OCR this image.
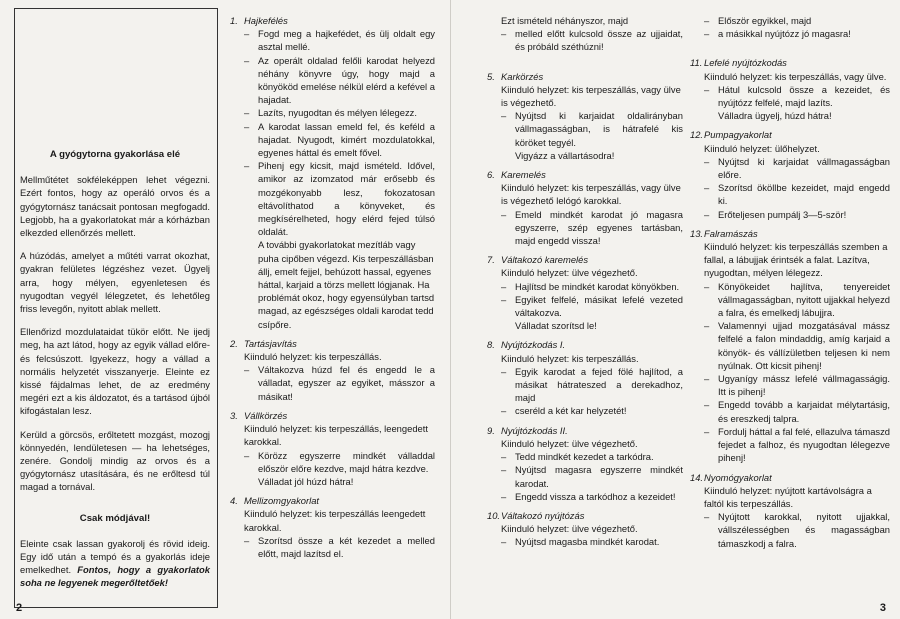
A gyógytorna gyakorlása elé

Mellműtétet sokféleképpen lehet végezni. Ezért fontos, hogy az operáló orvos és a gyógytornász tanácsait pontosan megfogadd. Legjobb, ha a gyakorlatokat már a kórházban elkezded ellenőrzés mellett.

A húzódás, amelyet a műtéti varrat okozhat, gyakran felületes légzéshez vezet. Ügyelj arra, hogy mélyen, egyenletesen és nyugodtan vegyél lélegzetet, és lehetőleg friss levegőn, nyitott ablak mellett.

Ellenőrizd mozdulataidat tükör előtt. Ne ijedj meg, ha azt látod, hogy az egyik vállad előre- és felcsúszott. Igyekezz, hogy a vállad a normális helyzetét visszanyerje. Eleinte ez kissé fájdalmas lehet, de az eredmény megéri ezt a kis áldozatot, és a tartásod újból kifogástalan lesz.

Kerüld a görcsös, erőltetett mozgást, mozogj könnyedén, lendületesen — ha lehetséges, zenére. Gondolj mindig az orvos és a gyógytornász utasítására, és ne erőltesd túl magad a tornával.

Csak módjával!

Eleinte csak lassan gyakorolj és rövid ideig. Egy idő után a tempó és a gyakorlás ideje emelkedhet. Fontos, hogy a gyakorlatok soha ne legyenek megerőltetőek!

1. Hajkefélés
– Fogd meg a hajkefédet, és ülj oldalt egy asztal mellé.
– Az operált oldalad felőli karodat helyezd néhány könyvre úgy, hogy majd a könyököd emelése nélkül elérd a kefével a hajadat.
– Lazíts, nyugodtan és mélyen lélegezz.
– A karodat lassan emeld fel, és keféld a hajadat. Nyugodt, kimért mozdulatokkal, egyenes háttal és emelt fővel.
– Pihenj egy kicsit, majd ismételd. Idővel, amikor az izomzatod már erősebb és mozgékonyabb lesz, fokozatosan eltávolíthatod a könyveket, és megkísérelheted, hogy elérd fejed túlsó oldalát.
A további gyakorlatokat mezítláb vagy puha cipőben végezd. Kis terpeszállásban állj, emelt fejjel, behúzott hassal, egyenes háttal, karjaid a törzs mellett lógjanak. Ha problémát okoz, hogy egyensúlyban tartsd magad, az egészséges oldali karodat tedd csípőre.
2. Tartásjavítás
Kiinduló helyzet: kis terpeszállás.
– Váltakozva húzd fel és engedd le a válladat, egyszer az egyiket, másszor a másikat!
3. Vállkörzés
Kiinduló helyzet: kis terpeszállás, leengedett karokkal.
– Körözz egyszerre mindkét válladdal először előre kezdve, majd hátra kezdve.
Válladat jól húzd hátra!
4. Mellizomgyakorlat
Kiinduló helyzet: kis terpeszállás leengedett karokkal.
– Szorítsd össze a két kezedet a melled előtt, majd lazítsd el.
2
Ezt ismételd néhányszor, majd
– melled előtt kulcsold össze az ujjaidat, és próbáld széthúzni!
5. Karkörzés
Kiinduló helyzet: kis terpeszállás, vagy ülve is végezhető.
– Nyújtsd ki karjaidat oldalirányban vállmagasságban, is hátrafelé kis köröket tegyél.
Vigyázz a vállartásodra!
6. Karemelés
Kiinduló helyzet: kis terpeszállás, vagy ülve is végezhető lelógó karokkal.
– Emeld mindkét karodat jó magasra egyszerre, szép egyenes tartásban, majd engedd vissza!
7. Váltakozó karemelés
Kiinduló helyzet: ülve végezhető.
– Hajlítsd be mindkét karodat könyökben.
– Egyiket felfelé, másikat lefelé vezeted váltakozva.
Válladat szorítsd le!
8. Nyújtózkodás I.
Kiinduló helyzet: kis terpeszállás.
– Egyik karodat a fejed fölé hajlítod, a másikat hátrateszed a derekadhoz, majd
– cseréld a két kar helyzetét!
9. Nyújtózkodás II.
Kiinduló helyzet: ülve végezhető.
– Tedd mindkét kezedet a tarkódra.
– Nyújtsd magasra egyszerre mindkét karodat.
– Engedd vissza a tarkódhoz a kezeidet!
10.Váltakozó nyújtózás
Kiinduló helyzet: ülve végezhető.
– Nyújtsd magasba mindkét karodat.
– Először egyikkel, majd
– a másikkal nyújtózz jó magasra!
11. Lefelé nyújtózkodás
Kiinduló helyzet: kis terpeszállás, vagy ülve.
– Hátul kulcsold össze a kezeidet, és nyújtózz felfelé, majd lazíts.
Válladra ügyelj, húzd hátra!
12.Pumpagyakorlat
Kiinduló helyzet: ülőhelyzet.
– Nyújtsd ki karjaidat vállmagasságban előre.
– Szorítsd ököllbe kezeidet, majd engedd ki.
– Erőteljesen pumpálj 3—5-ször!
13.Falramászás
Kiinduló helyzet: kis terpeszállás szemben a fallal, a lábujjak érintsék a falat. Lazítva, nyugodtan, mélyen lélegezz.
– Könyökeidet hajlítva, tenyereidet vállmagasságban, nyitott ujjakkal helyezd a falra, és emelkedj lábujjra.
– Valamennyi ujjad mozgatásával mássz felfelé a falon mindaddig, amíg karjaid a könyök- és vállízületben teljesen ki nem nyúlnak. Ott kicsit pihenj!
– Ugyanígy mássz lefelé vállmagasságig. Itt is pihenj!
– Engedd tovább a karjaidat mélytartásig, és ereszkedj talpra.
– Fordulj háttal a fal felé, ellazulva támaszd fejedet a falhoz, és nyugodtan lélegezve pihenj!
14.Nyomógyakorlat
Kiinduló helyzet: nyújtott kartávolságra a faltól kis terpeszállás.
– Nyújtott karokkal, nyitott ujjakkal, vállszélességben és magasságban támaszkodj a falra.
3
